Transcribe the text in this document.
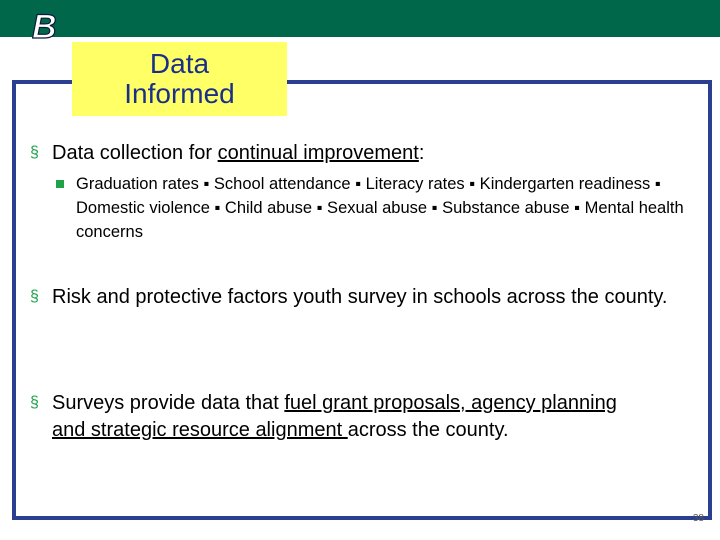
B
Data
Informed
§ Data collection for continual improvement:
Graduation rates ▪ School attendance ▪ Literacy rates ▪ Kindergarten readiness ▪ Domestic violence ▪ Child abuse ▪ Sexual abuse ▪ Substance abuse ▪ Mental health concerns
§ Risk and protective factors youth survey in schools across the county.
§ Surveys provide data that fuel grant proposals, agency planning and strategic resource alignment across the county.
38
